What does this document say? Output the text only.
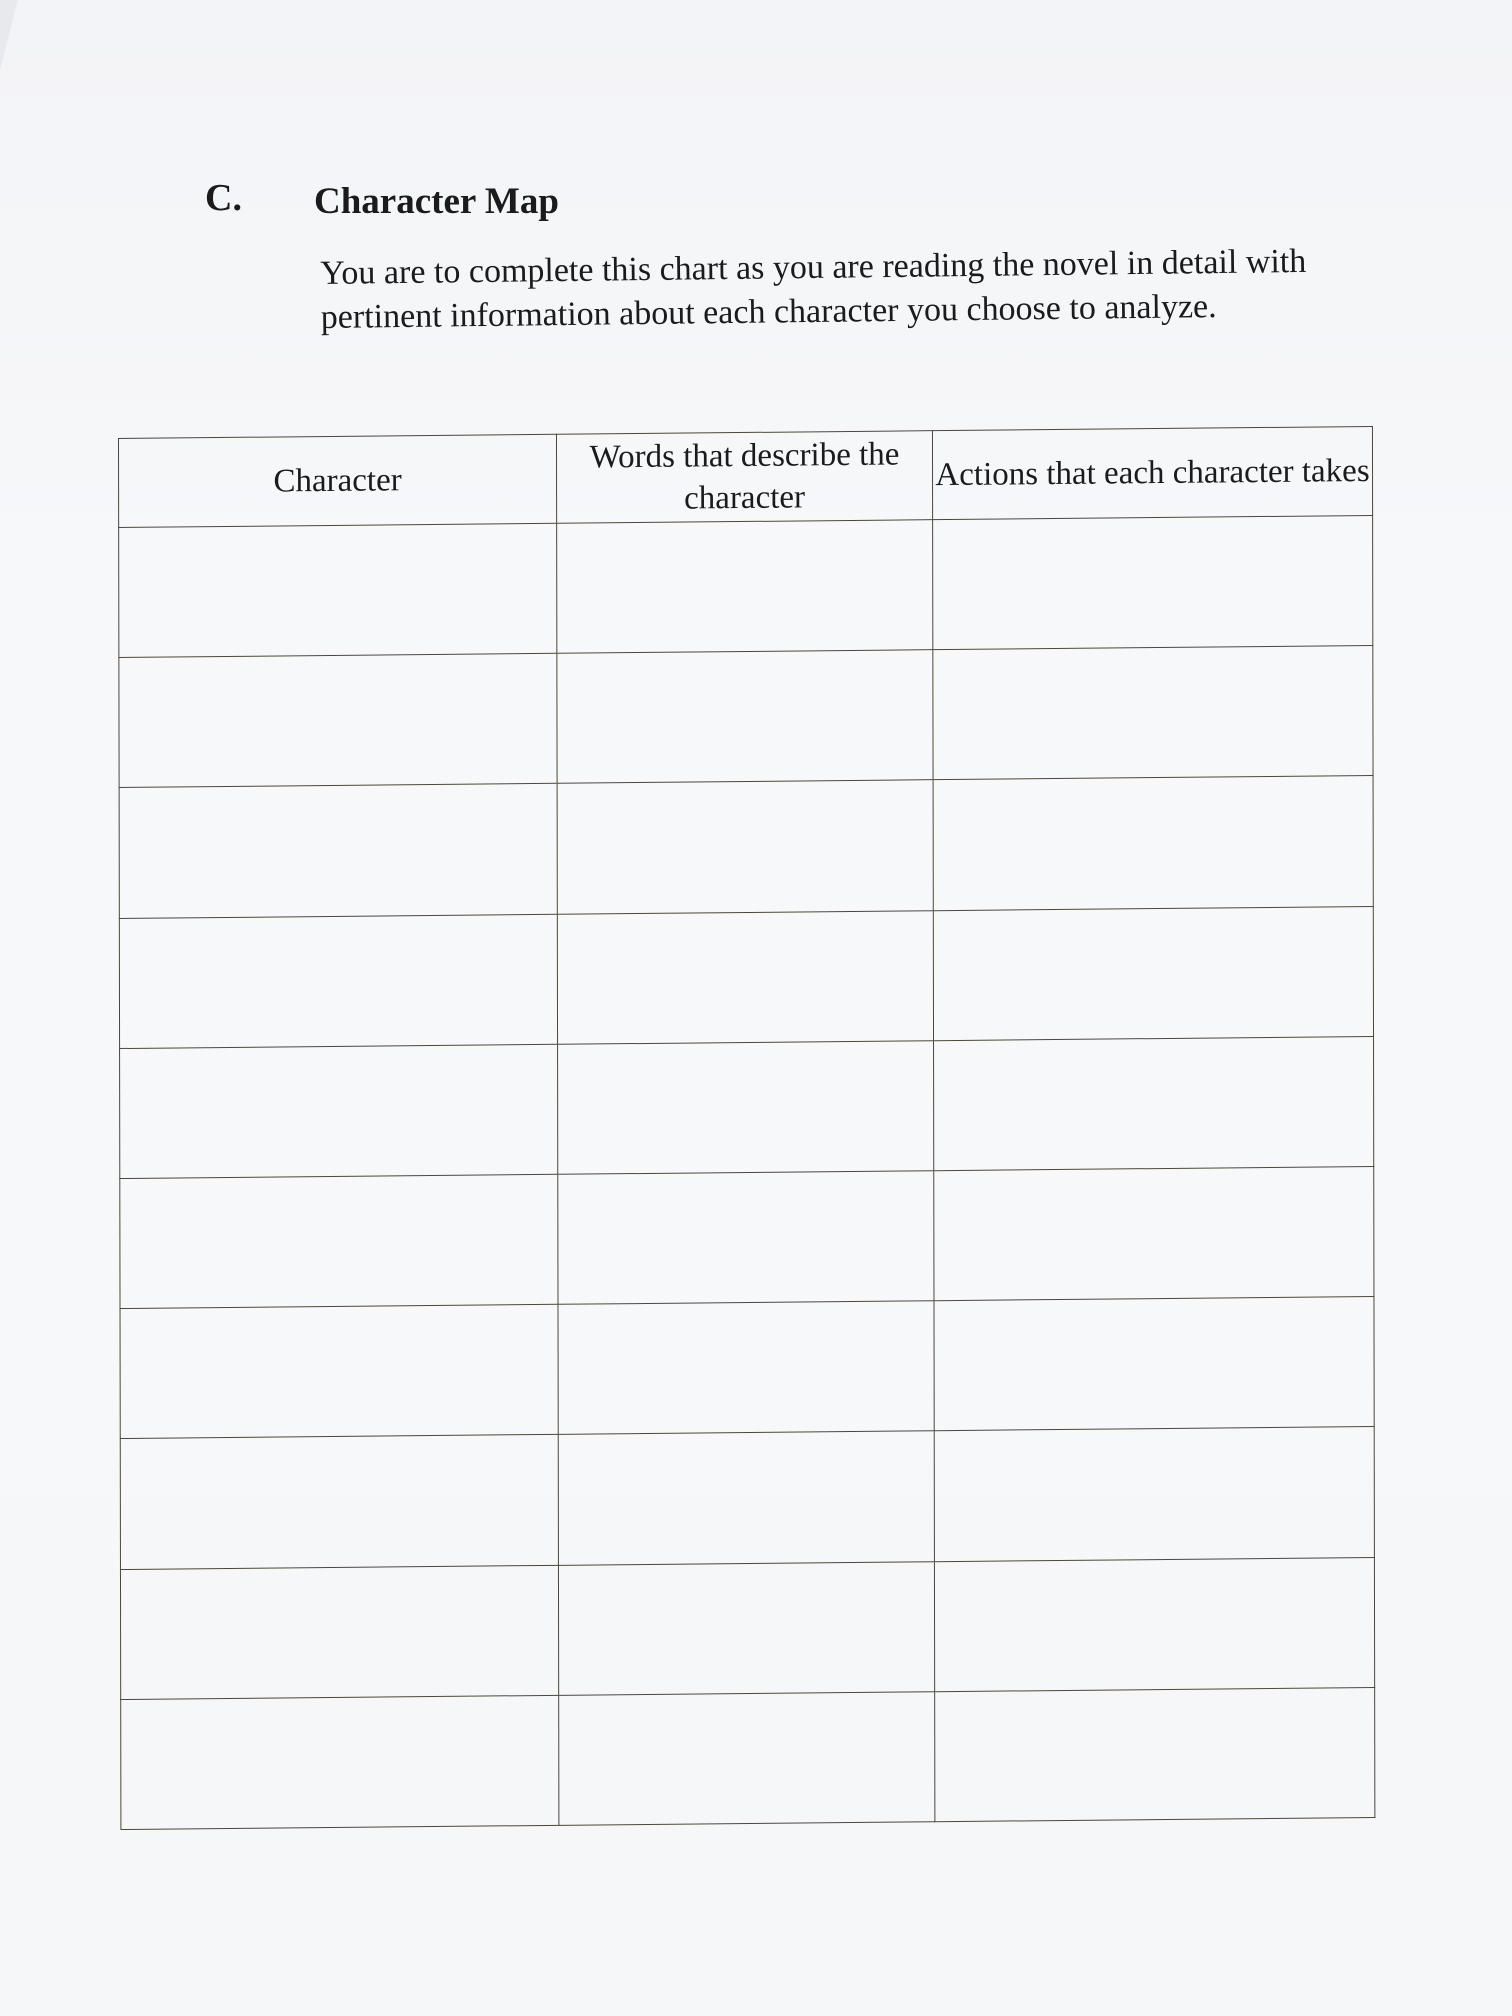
C. Character Map
You are to complete this chart as you are reading the novel in detail with pertinent information about each character you choose to analyze.
Character	Words that describe the character	Actions that each character takes
